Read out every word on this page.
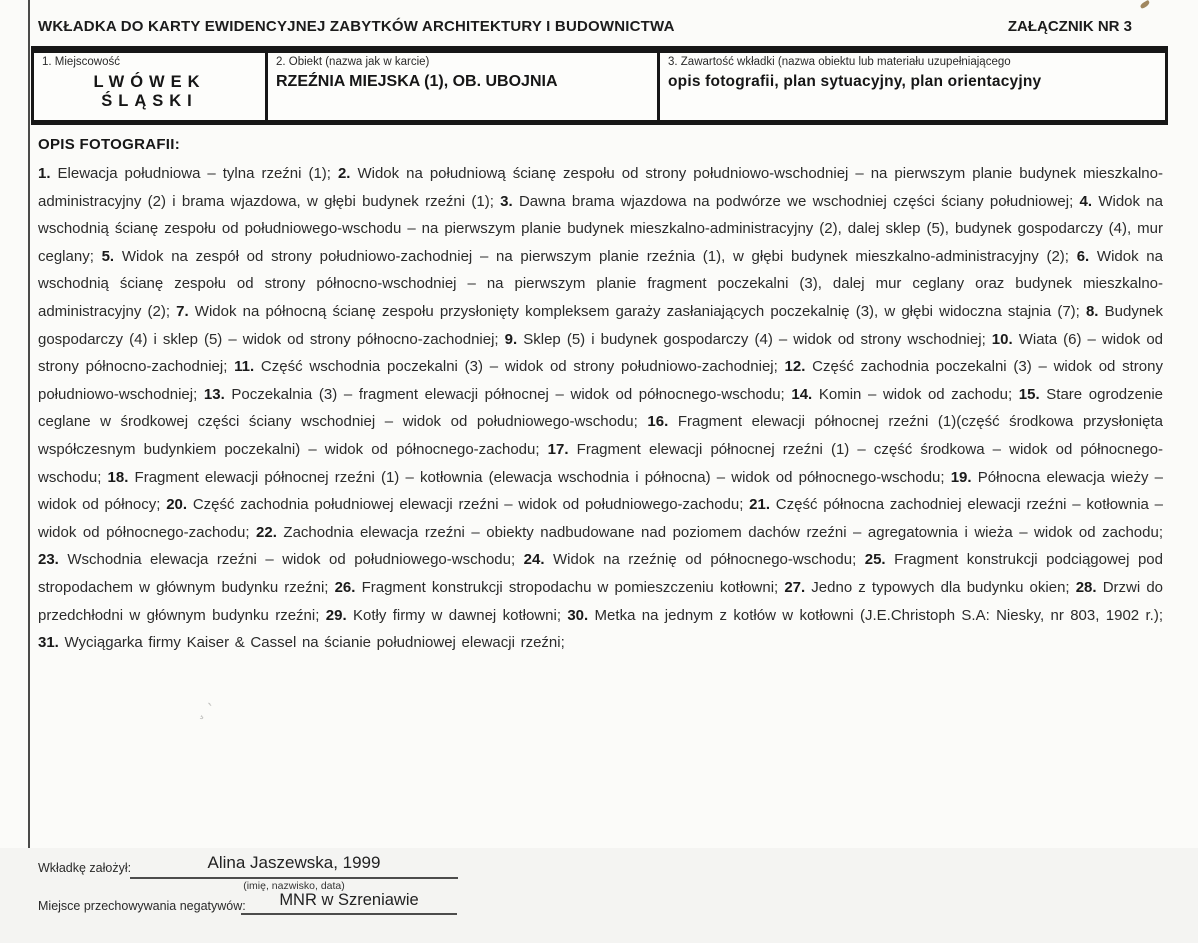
¸`
WKŁADKA DO KARTY EWIDENCYJNEJ ZABYTKÓW ARCHITEKTURY I BUDOWNICTWA	ZAŁĄCZNIK NR 3
1. Miejscowość
LWÓWEK ŚLĄSKI
2. Obiekt (nazwa jak w karcie)
RZEŹNIA MIEJSKA (1), OB. UBOJNIA
3. Zawartość wkładki (nazwa obiektu lub materiału uzupełniającego
opis fotografii, plan sytuacyjny, plan orientacyjny
OPIS FOTOGRAFII:
1. Elewacja południowa – tylna rzeźni (1); 2. Widok na południową ścianę zespołu od strony południowo-wschodniej – na pierwszym planie budynek mieszkalno-administracyjny (2) i brama wjazdowa, w głębi budynek rzeźni (1); 3. Dawna brama wjazdowa na podwórze we wschodniej części ściany południowej; 4. Widok na wschodnią ścianę zespołu od południowego-wschodu – na pierwszym planie budynek mieszkalno-administracyjny (2), dalej sklep (5), budynek gospodarczy (4), mur ceglany; 5. Widok na zespół od strony południowo-zachodniej – na pierwszym planie rzeźnia (1), w głębi budynek mieszkalno-administracyjny (2); 6. Widok na wschodnią ścianę zespołu od strony północno-wschodniej – na pierwszym planie fragment poczekalni (3), dalej mur ceglany oraz budynek mieszkalno-administracyjny (2); 7. Widok na północną ścianę zespołu przysłonięty kompleksem garaży zasłaniających poczekalnię (3), w głębi widoczna stajnia (7); 8. Budynek gospodarczy (4) i sklep (5) – widok od strony północno-zachodniej; 9. Sklep (5) i budynek gospodarczy (4) – widok od strony wschodniej; 10. Wiata (6) – widok od strony północno-zachodniej; 11. Część wschodnia poczekalni (3) – widok od strony południowo-zachodniej; 12. Część zachodnia poczekalni (3) – widok od strony południowo-wschodniej; 13. Poczekalnia (3) – fragment elewacji północnej – widok od północnego-wschodu; 14. Komin – widok od zachodu; 15. Stare ogrodzenie ceglane w środkowej części ściany wschodniej – widok od południowego-wschodu; 16. Fragment elewacji północnej rzeźni (1)(część środkowa przysłonięta współczesnym budynkiem poczekalni) – widok od północnego-zachodu; 17. Fragment elewacji północnej rzeźni (1) – część środkowa – widok od północnego-wschodu; 18. Fragment elewacji północnej rzeźni (1) – kotłownia (elewacja wschodnia i północna) – widok od północnego-wschodu; 19. Północna elewacja wieży – widok od północy; 20. Część zachodnia południowej elewacji rzeźni – widok od południowego-zachodu; 21. Część północna zachodniej elewacji rzeźni – kotłownia – widok od północnego-zachodu; 22. Zachodnia elewacja rzeźni – obiekty nadbudowane nad poziomem dachów rzeźni – agregatownia i wieża – widok od zachodu; 23. Wschodnia elewacja rzeźni – widok od południowego-wschodu; 24. Widok na rzeźnię od północnego-wschodu; 25. Fragment konstrukcji podciągowej pod stropodachem w głównym budynku rzeźni; 26. Fragment konstrukcji stropodachu w pomieszczeniu kotłowni; 27. Jedno z typowych dla budynku okien; 28. Drzwi do przedchłodni w głównym budynku rzeźni; 29. Kotły firmy w dawnej kotłowni; 30. Metka na jednym z kotłów w kotłowni (J.E.Christoph S.A: Niesky, nr 803, 1902 r.); 31. Wyciągarka firmy Kaiser & Cassel na ścianie południowej elewacji rzeźni;
Wkładkę założył:	Alina Jaszewska, 1999
(imię, nazwisko, data)
Miejsce przechowywania negatywów:	MNR w Szreniawie
